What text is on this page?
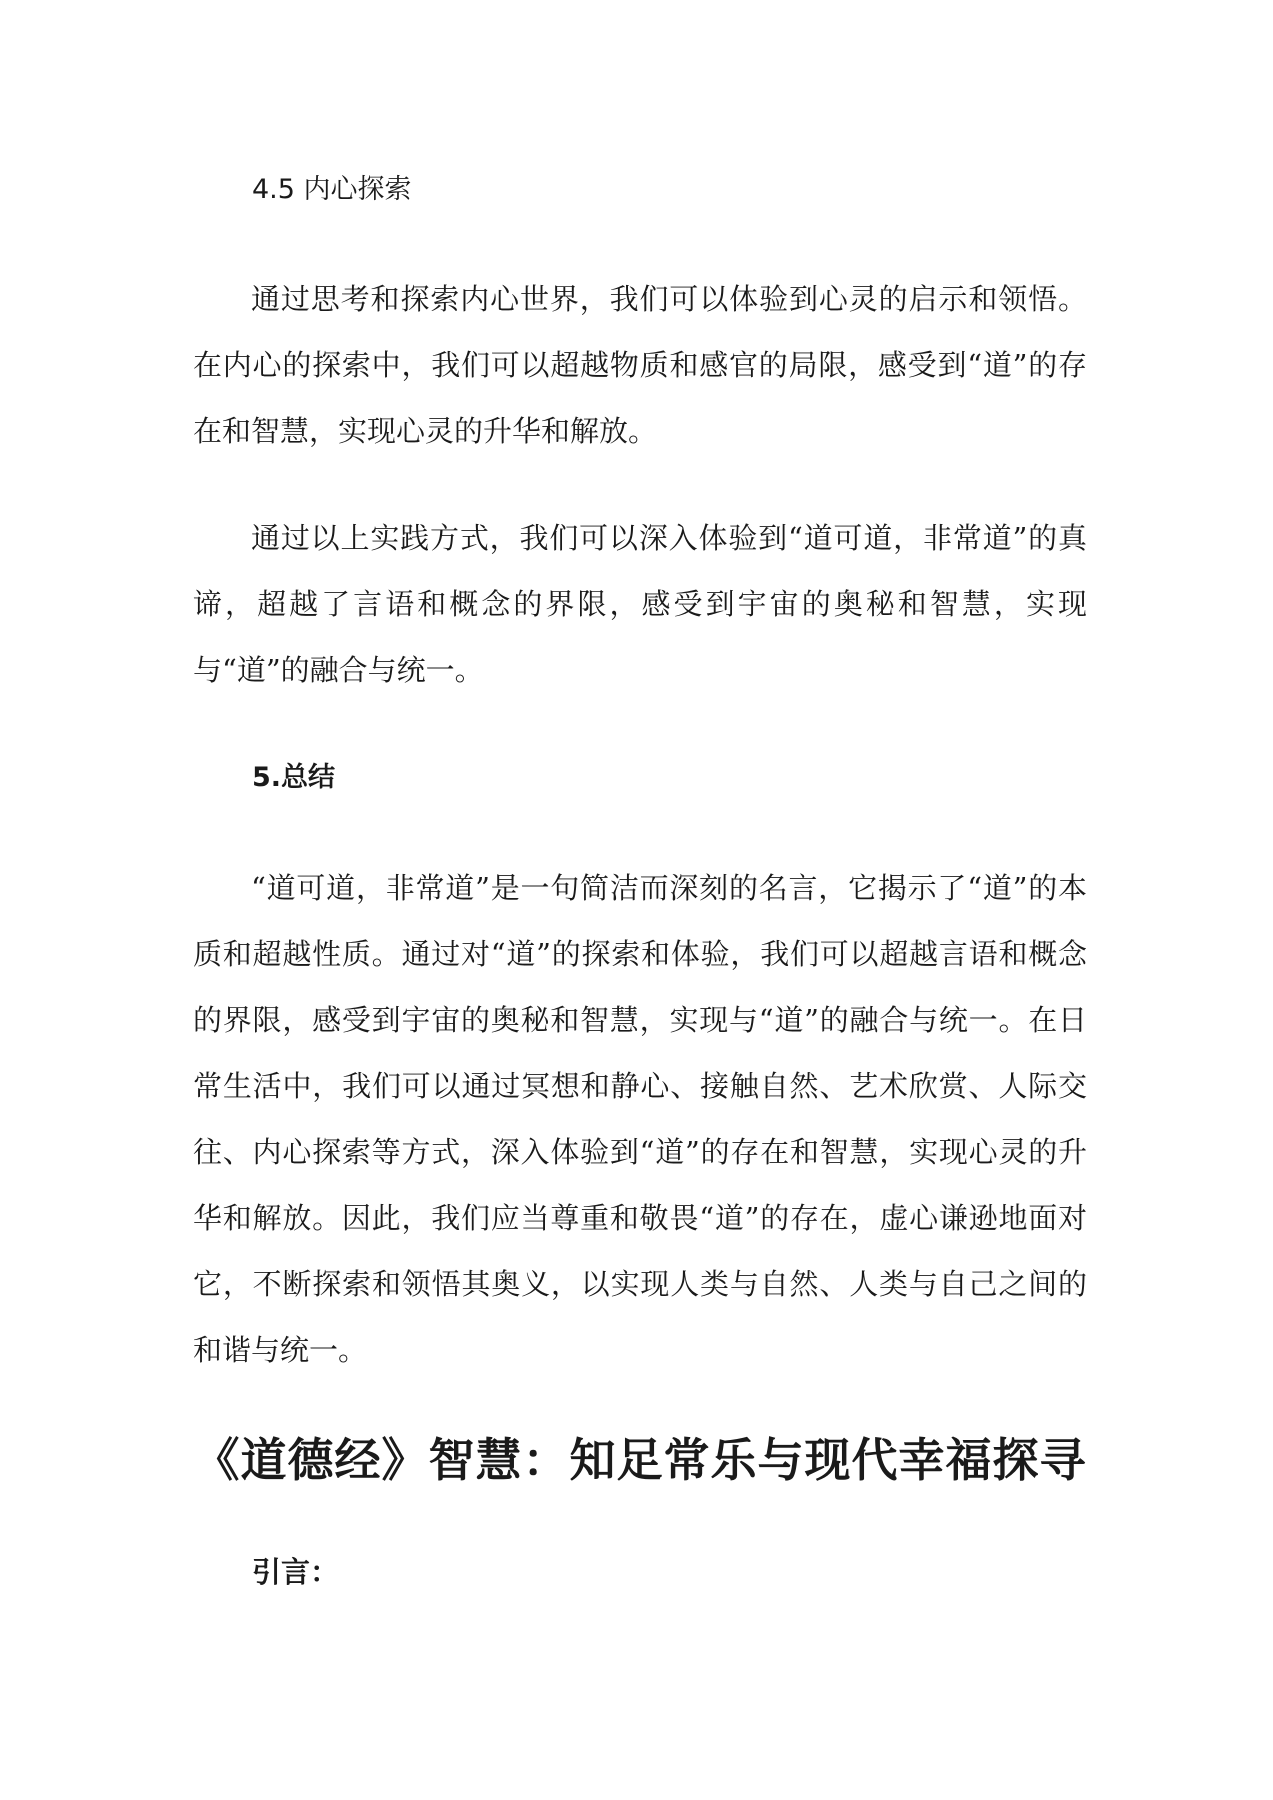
4.5 内心探索

通过思考和探索内心世界，我们可以体验到心灵的启示和领悟。在内心的探索中，我们可以超越物质和感官的局限，感受到“道”的存在和智慧，实现心灵的升华和解放。

通过以上实践方式，我们可以深入体验到“道可道，非常道”的真谛，超越了言语和概念的界限，感受到宇宙的奥秘和智慧，实现与“道”的融合与统一。

5.总结

“道可道，非常道”是一句简洁而深刻的名言，它揭示了“道”的本质和超越性质。通过对“道”的探索和体验，我们可以超越言语和概念的界限，感受到宇宙的奥秘和智慧，实现与“道”的融合与统一。在日常生活中，我们可以通过冥想和静心、接触自然、艺术欣赏、人际交往、内心探索等方式，深入体验到“道”的存在和智慧，实现心灵的升华和解放。因此，我们应当尊重和敬畏“道”的存在，虚心谦逊地面对它，不断探索和领悟其奥义，以实现人类与自然、人类与自己之间的和谐与统一。

《道德经》智慧：知足常乐与现代幸福探寻
引言：
